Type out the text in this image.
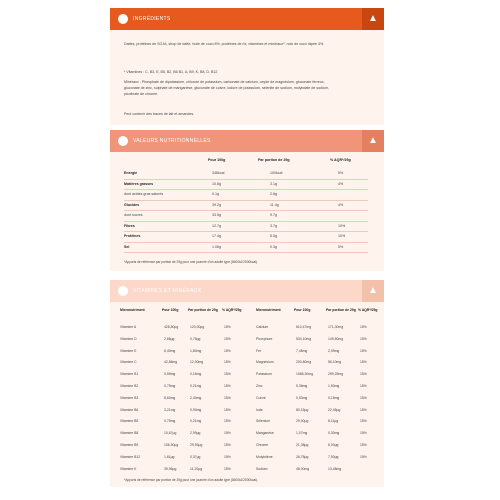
INGRÉDIENTS	▲
Dattes, protéines de SOJA, sirop de datte, huile de coco 8%, protéines de riz, vitamines et minéraux*, noix de coco râpée 4%.
* Vitamines : C, B3, E, B5, B2, B6 B1, A, B9, K, B8, D, B12
Minéraux : Phosphate de dipotassium, chlorure de potassium, carbonate de calcium, oxyde de magnésium, gluconate ferreux,
gluconate de zinc, sulphate de manganèse, gluconate de cuivre, iodure de potassium, selenite de sodium, molybdate de sodium,
picolinate de chrome.
Peut contenir des traces de lait et amandes.
VALEURS NUTRITIONNELLES	▲
*Apports de référence par portion de 29g pour une journée d'un adulte type (8400kJ/2000kcal).
Pour 100g	Par portion de 29g	% AQR*/29g
Energie	348kcal	100kcal	5%
Matières grasses	10.8g	3.1g	4%
dont acides gras saturés	9.1g	2.6g
Glucides	39.2g	11.4g	4%
dont sucres	33.5g	9.7g
Fibres	12.7g	3.7g	10%
Protéines	17.4g	5.0g	10%
Sel	1.06g	0.3g	5%
VITAMINES ET MINÉRAUX	▲
*Apports de référence par portion de 29g pour une journée d'un adulte type (8400kJ/2000kcal).
Micronutriment	Pour 100g	Par portion de 29g % AQR*/29g	Micronutriment	Pour 100g	Par portion de 29g % AQR*/29g
Vitamine A	428,80µg	120,00µg	15%
Vitamine D	2,68µg	0,75µg	15%
Vitamine E	6,40mg	1,80mg	15%
Vitamine C	42,86mg	12,00mg	15%
Vitamine B1	0,59mg	0,16mg	15%
Vitamine B2	0,75mg	0,21mg	15%
Vitamine B3	8,60mg	2,40mg	15%
Vitamine B6	3,21mg	0,90mg	15%
Vitamine B5	0,75mg	0,21mg	15%
Vitamine B8	10,67µg	2,99µg	15%
Vitamine B9	106,90µg	29,93µg	15%
Vitamine B12	1,61µg	0,37µg	15%
Vitamine K	39,96µg	11,20µg	15%
Calcium	610,47mg	171,00mg	15%
Phosphore	534,10mg	149,50mg	15%
Fer	7,48mg	2,09mg	15%
Magnésium	200,80mg	56,10mg	15%
Potassium	1068,30mg	299,25mg	15%
Zinc	5,36mg	1,50mg	15%
Cuivre	0,53mg	0,15mg	15%
Iode	80,15µg	22,45µg	15%
Sélénium	29,00µg	8,11µg	15%
Manganèse	1,07mg	0,30mg	15%
Chrome	21,38µg	6,00µg	15%
Molybdène	26,78µg	7,50µg	15%
Sodium	48,00mg	13,48mg
